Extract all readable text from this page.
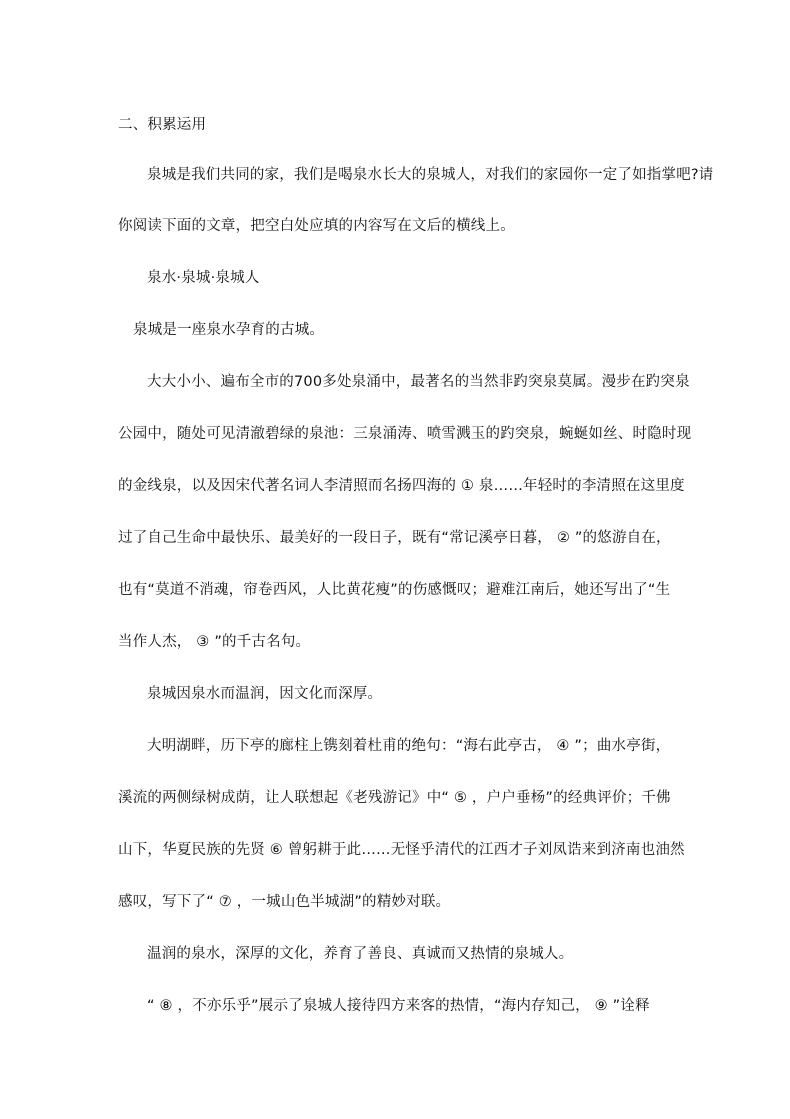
二、积累运用
泉城是我们共同的家，我们是喝泉水长大的泉城人，对我们的家园你一定了如指掌吧?请
你阅读下面的文章，把空白处应填的内容写在文后的横线上。
泉水·泉城·泉城人
泉城是一座泉水孕育的古城。
大大小小、遍布全市的700多处泉涌中，最著名的当然非趵突泉莫属。漫步在趵突泉
公园中，随处可见清澈碧绿的泉池：三泉涌涛、喷雪溅玉的趵突泉，蜿蜒如丝、时隐时现
的金线泉，以及因宋代著名词人李清照而名扬四海的 ① 泉……年轻时的李清照在这里度
过了自己生命中最快乐、最美好的一段日子，既有“常记溪亭日暮， ② ”的悠游自在，
也有“莫道不消魂，帘卷西风，人比黄花瘦”的伤感慨叹；避难江南后，她还写出了“生
当作人杰， ③ ”的千古名句。
泉城因泉水而温润，因文化而深厚。
大明湖畔，历下亭的廊柱上镌刻着杜甫的绝句：“海右此亭古， ④ ”；曲水亭街，
溪流的两侧绿树成荫，让人联想起《老残游记》中“ ⑤ ，户户垂杨”的经典评价；千佛
山下，华夏民族的先贤 ⑥ 曾躬耕于此……无怪乎清代的江西才子刘凤诰来到济南也油然
感叹，写下了“ ⑦ ，一城山色半城湖”的精妙对联。
温润的泉水，深厚的文化，养育了善良、真诚而又热情的泉城人。
“ ⑧ ，不亦乐乎”展示了泉城人接待四方来客的热情，“海内存知己， ⑨ ”诠释
